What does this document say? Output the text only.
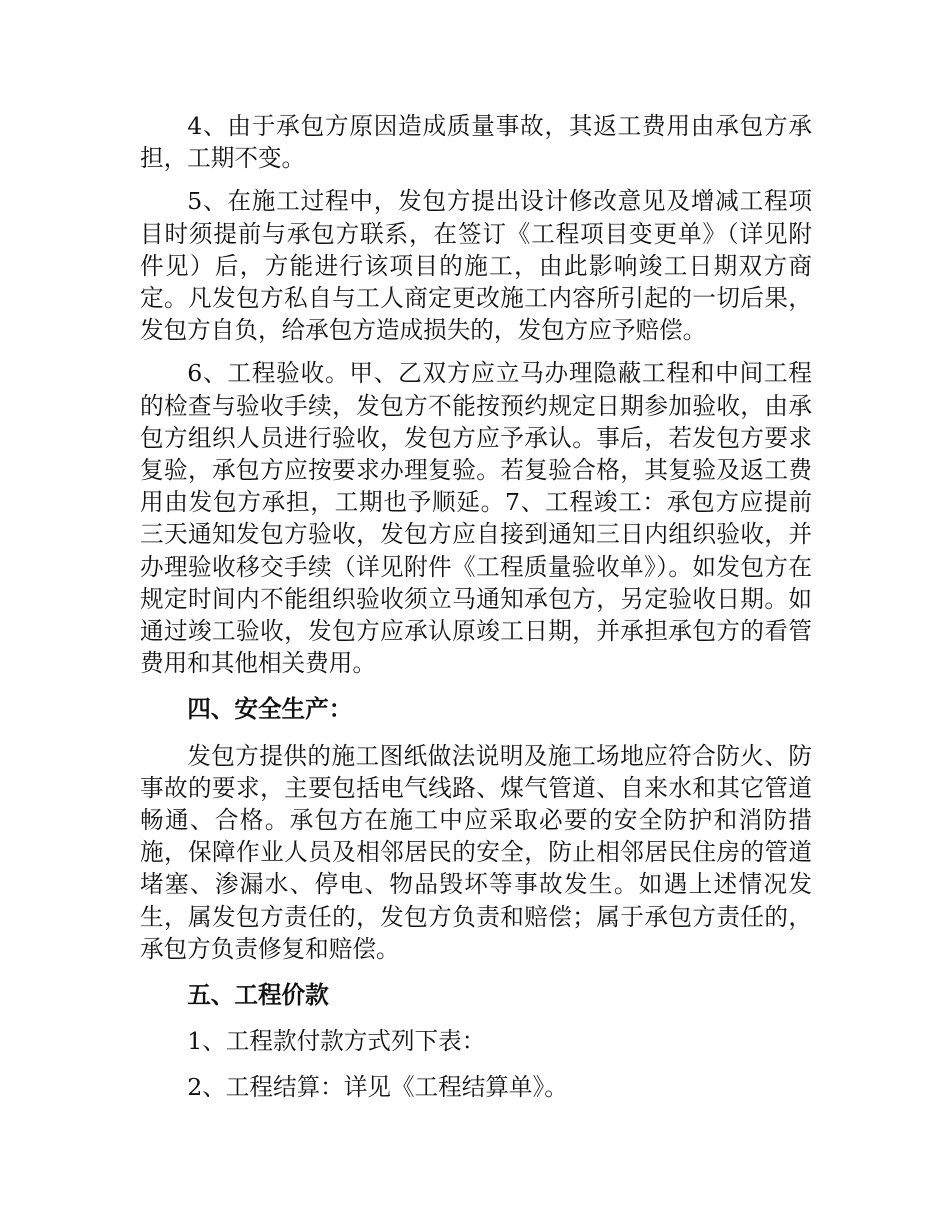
4、由于承包方原因造成质量事故，其返工费用由承包方承担，工期不变。

5、在施工过程中，发包方提出设计修改意见及增减工程项目时须提前与承包方联系，在签订《工程项目变更单》（详见附件见）后，方能进行该项目的施工，由此影响竣工日期双方商定。凡发包方私自与工人商定更改施工内容所引起的一切后果，发包方自负，给承包方造成损失的，发包方应予赔偿。

6、工程验收。甲、乙双方应立马办理隐蔽工程和中间工程的检查与验收手续，发包方不能按预约规定日期参加验收，由承包方组织人员进行验收，发包方应予承认。事后，若发包方要求复验，承包方应按要求办理复验。若复验合格，其复验及返工费用由发包方承担，工期也予顺延。7、工程竣工：承包方应提前三天通知发包方验收，发包方应自接到通知三日内组织验收，并办理验收移交手续（详见附件《工程质量验收单》）。如发包方在规定时间内不能组织验收须立马通知承包方，另定验收日期。如通过竣工验收，发包方应承认原竣工日期，并承担承包方的看管费用和其他相关费用。

四、安全生产：

发包方提供的施工图纸做法说明及施工场地应符合防火、防事故的要求，主要包括电气线路、煤气管道、自来水和其它管道畅通、合格。承包方在施工中应采取必要的安全防护和消防措施，保障作业人员及相邻居民的安全，防止相邻居民住房的管道堵塞、渗漏水、停电、物品毁坏等事故发生。如遇上述情况发生，属发包方责任的，发包方负责和赔偿；属于承包方责任的，承包方负责修复和赔偿。

五、工程价款

1、工程款付款方式列下表：

2、工程结算：详见《工程结算单》。
